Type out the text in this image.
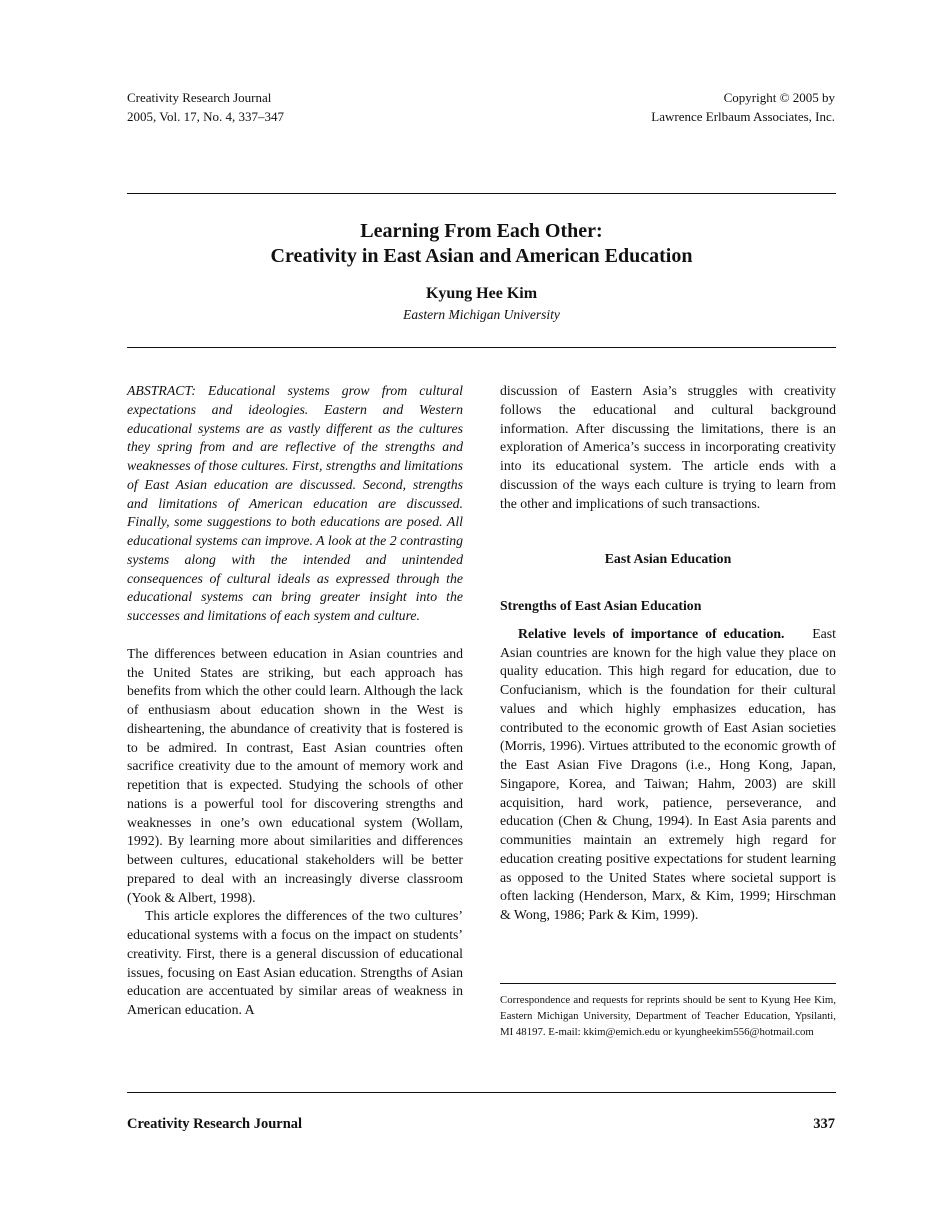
Creativity Research Journal
2005, Vol. 17, No. 4, 337–347
Copyright © 2005 by
Lawrence Erlbaum Associates, Inc.
Learning From Each Other:
Creativity in East Asian and American Education
Kyung Hee Kim
Eastern Michigan University

ABSTRACT: Educational systems grow from cultural expectations and ideologies. Eastern and Western educational systems are as vastly different as the cultures they spring from and are reflective of the strengths and weaknesses of those cultures. First, strengths and limitations of East Asian education are discussed. Second, strengths and limitations of American education are discussed. Finally, some suggestions to both educations are posed. All educational systems can improve. A look at the 2 contrasting systems along with the intended and unintended consequences of cultural ideals as expressed through the educational systems can bring greater insight into the successes and limitations of each system and culture.

The differences between education in Asian countries and the United States are striking, but each approach has benefits from which the other could learn. Although the lack of enthusiasm about education shown in the West is disheartening, the abundance of creativity that is fostered is to be admired. In contrast, East Asian countries often sacrifice creativity due to the amount of memory work and repetition that is expected. Studying the schools of other nations is a powerful tool for discovering strengths and weaknesses in one’s own educational system (Wollam, 1992). By learning more about similarities and differences between cultures, educational stakeholders will be better prepared to deal with an increasingly diverse classroom (Yook & Albert, 1998).

This article explores the differences of the two cultures’ educational systems with a focus on the impact on students’ creativity. First, there is a general discussion of educational issues, focusing on East Asian education. Strengths of Asian education are accentuated by similar areas of weakness in American education. A

discussion of Eastern Asia’s struggles with creativity follows the educational and cultural background information. After discussing the limitations, there is an exploration of America’s success in incorporating creativity into its educational system. The article ends with a discussion of the ways each culture is trying to learn from the other and implications of such transactions.

East Asian Education

Strengths of East Asian Education

Relative levels of importance of education. East Asian countries are known for the high value they place on quality education. This high regard for education, due to Confucianism, which is the foundation for their cultural values and which highly emphasizes education, has contributed to the economic growth of East Asian societies (Morris, 1996). Virtues attributed to the economic growth of the East Asian Five Dragons (i.e., Hong Kong, Japan, Singapore, Korea, and Taiwan; Hahm, 2003) are skill acquisition, hard work, patience, perseverance, and education (Chen & Chung, 1994). In East Asia parents and communities maintain an extremely high regard for education creating positive expectations for student learning as opposed to the United States where societal support is often lacking (Henderson, Marx, & Kim, 1999; Hirschman & Wong, 1986; Park & Kim, 1999).

Correspondence and requests for reprints should be sent to Kyung Hee Kim, Eastern Michigan University, Department of Teacher Education, Ypsilanti, MI 48197. E-mail: kkim@emich.edu or kyungheekim556@hotmail.com
Creativity Research Journal	337
